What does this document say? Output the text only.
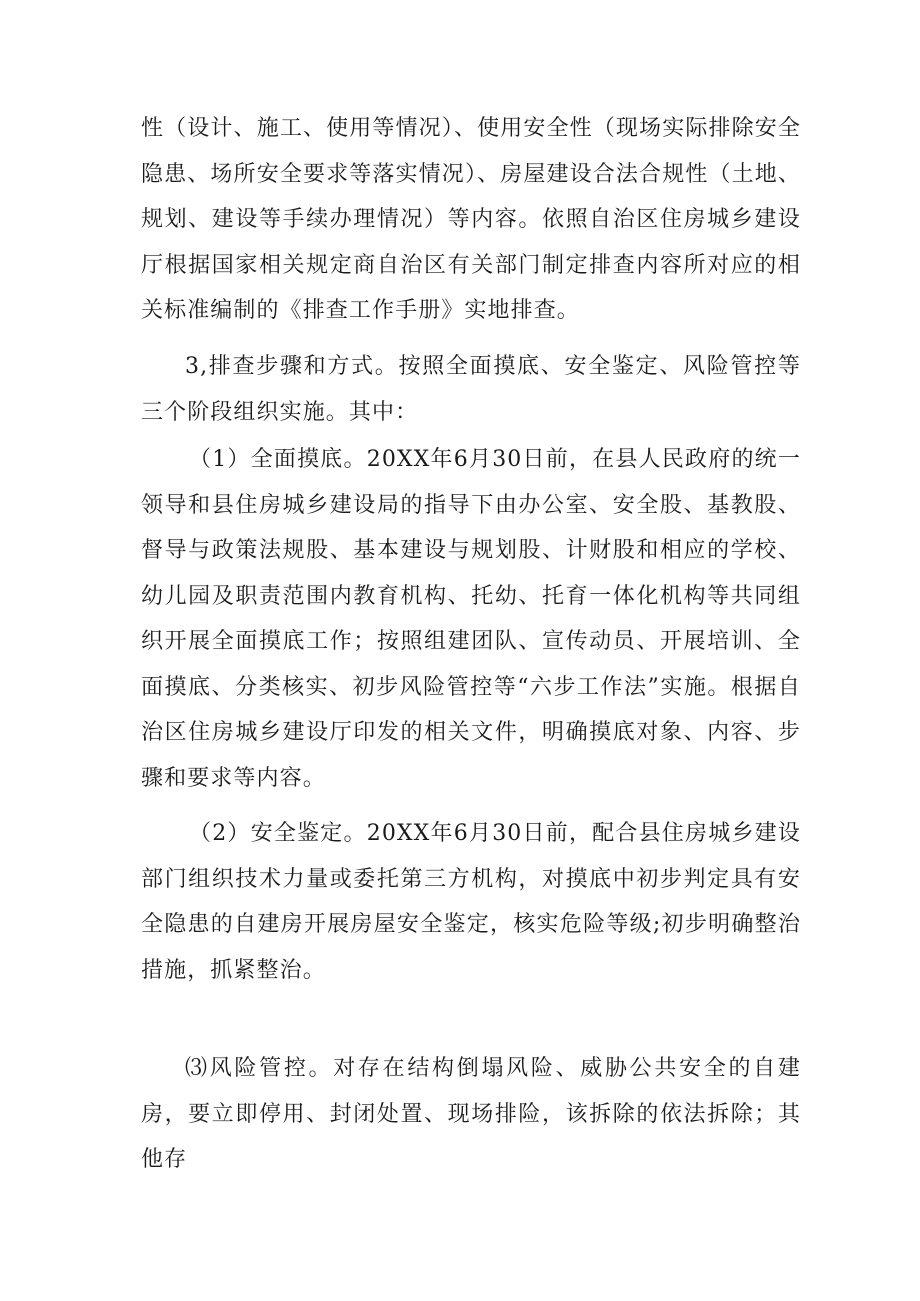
性（设计、施工、使用等情况）、使用安全性（现场实际排除安全隐患、场所安全要求等落实情况）、房屋建设合法合规性（土地、规划、建设等手续办理情况）等内容。依照自治区住房城乡建设厅根据国家相关规定商自治区有关部门制定排查内容所对应的相关标准编制的《排查工作手册》实地排查。

3,排查步骤和方式。按照全面摸底、安全鉴定、风险管控等三个阶段组织实施。其中：

（1）全面摸底。20XX年6月30日前，在县人民政府的统一领导和县住房城乡建设局的指导下由办公室、安全股、基教股、督导与政策法规股、基本建设与规划股、计财股和相应的学校、幼儿园及职责范围内教育机构、托幼、托育一体化机构等共同组织开展全面摸底工作；按照组建团队、宣传动员、开展培训、全面摸底、分类核实、初步风险管控等“六步工作法”实施。根据自治区住房城乡建设厅印发的相关文件，明确摸底对象、内容、步骤和要求等内容。

（2）安全鉴定。20XX年6月30日前，配合县住房城乡建设部门组织技术力量或委托第三方机构，对摸底中初步判定具有安全隐患的自建房开展房屋安全鉴定，核实危险等级;初步明确整治措施，抓紧整治。

⑶风险管控。对存在结构倒塌风险、威胁公共安全的自建房，要立即停用、封闭处置、现场排险，该拆除的依法拆除；其他存
